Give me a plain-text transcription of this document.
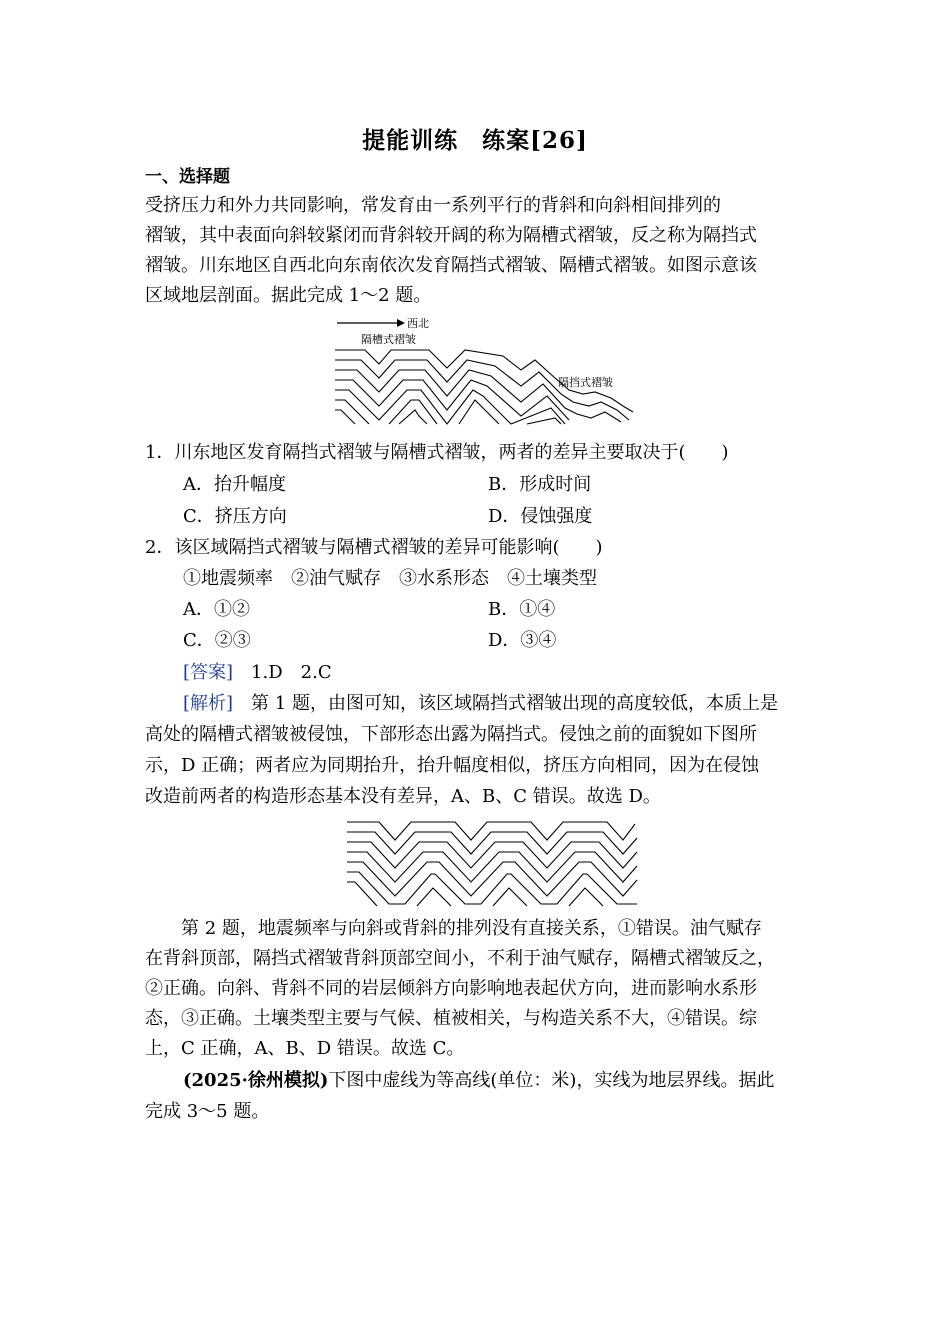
提能训练　练案[26]
一、选择题
受挤压力和外力共同影响，常发育由一系列平行的背斜和向斜相间排列的
褶皱，其中表面向斜较紧闭而背斜较开阔的称为隔槽式褶皱，反之称为隔挡式
褶皱。川东地区自西北向东南依次发育隔挡式褶皱、隔槽式褶皱。如图示意该
区域地层剖面。据此完成 1～2 题。
西北
隔槽式褶皱
隔挡式褶皱
1．川东地区发育隔挡式褶皱与隔槽式褶皱，两者的差异主要取决于(　　)
A．抬升幅度	B．形成时间
C．挤压方向	D．侵蚀强度
2．该区域隔挡式褶皱与隔槽式褶皱的差异可能影响(　　)
①地震频率　②油气赋存　③水系形态　④土壤类型
A．①②	B．①④
C．②③	D．③④
[答案]　1.D　2.C
[解析]　第 1 题，由图可知，该区域隔挡式褶皱出现的高度较低，本质上是
高处的隔槽式褶皱被侵蚀，下部形态出露为隔挡式。侵蚀之前的面貌如下图所
示，D 正确；两者应为同期抬升，抬升幅度相似，挤压方向相同，因为在侵蚀
改造前两者的构造形态基本没有差异，A、B、C 错误。故选 D。
　　第 2 题，地震频率与向斜或背斜的排列没有直接关系，①错误。油气赋存
在背斜顶部，隔挡式褶皱背斜顶部空间小，不利于油气赋存，隔槽式褶皱反之，
②正确。向斜、背斜不同的岩层倾斜方向影响地表起伏方向，进而影响水系形
态，③正确。土壤类型主要与气候、植被相关，与构造关系不大，④错误。综
上，C 正确，A、B、D 错误。故选 C。
(2025·徐州模拟)下图中虚线为等高线(单位：米)，实线为地层界线。据此
完成 3～5 题。
